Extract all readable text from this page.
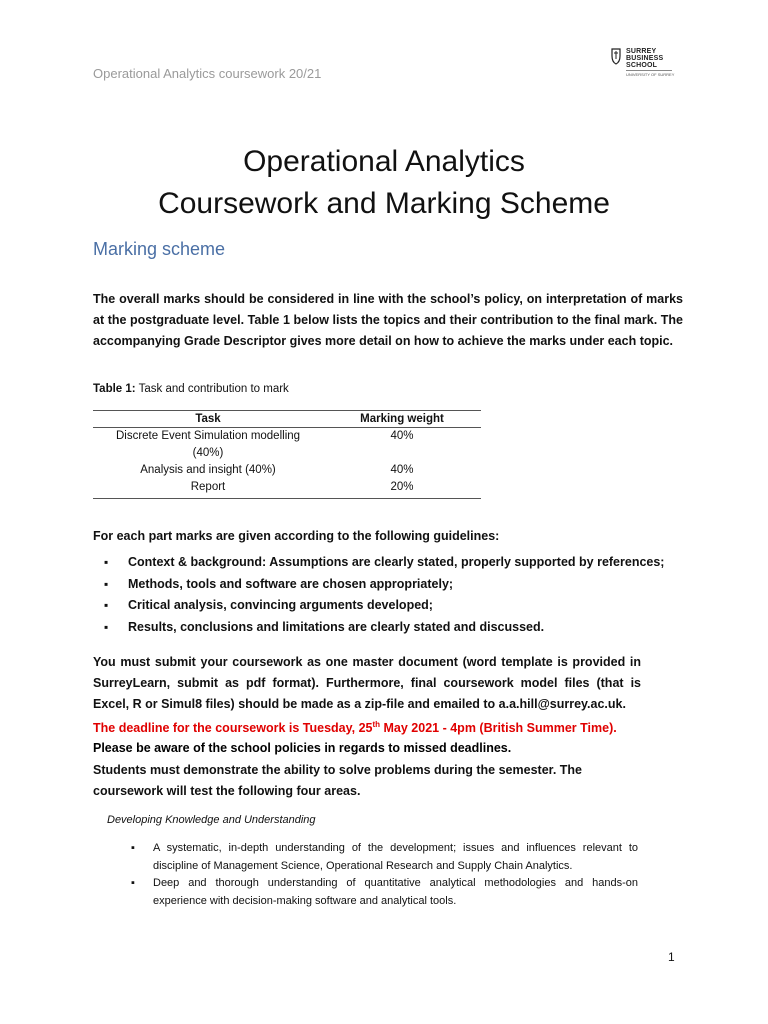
Operational Analytics coursework 20/21
SURREY
BUSINESS
SCHOOL
UNIVERSITY OF SURREY
Operational Analytics
Coursework and Marking Scheme
Marking scheme
The overall marks should be considered in line with the school’s policy, on interpretation of marks at the postgraduate level. Table 1 below lists the topics and their contribution to the final mark. The accompanying Grade Descriptor gives more detail on how to achieve the marks under each topic.
Table 1: Task and contribution to mark
Task	Marking weight
Discrete Event Simulation modelling (40%)	40%
Analysis and insight (40%)	40%
Report	20%
For each part marks are given according to the following guidelines:
▪ Context & background: Assumptions are clearly stated, properly supported by references;
▪ Methods, tools and software are chosen appropriately;
▪ Critical analysis, convincing arguments developed;
▪ Results, conclusions and limitations are clearly stated and discussed.
You must submit your coursework as one master document (word template is provided in SurreyLearn, submit as pdf format). Furthermore, final coursework model files (that is Excel, R or Simul8 files) should be made as a zip-file and emailed to a.a.hill@surrey.ac.uk.
The deadline for the coursework is Tuesday, 25th May 2021 - 4pm (British Summer Time).
Please be aware of the school policies in regards to missed deadlines.
Students must demonstrate the ability to solve problems during the semester. The coursework will test the following four areas.
Developing Knowledge and Understanding
▪ A systematic, in-depth understanding of the development; issues and influences relevant to discipline of Management Science, Operational Research and Supply Chain Analytics.
▪ Deep and thorough understanding of quantitative analytical methodologies and hands-on experience with decision-making software and analytical tools.
1
